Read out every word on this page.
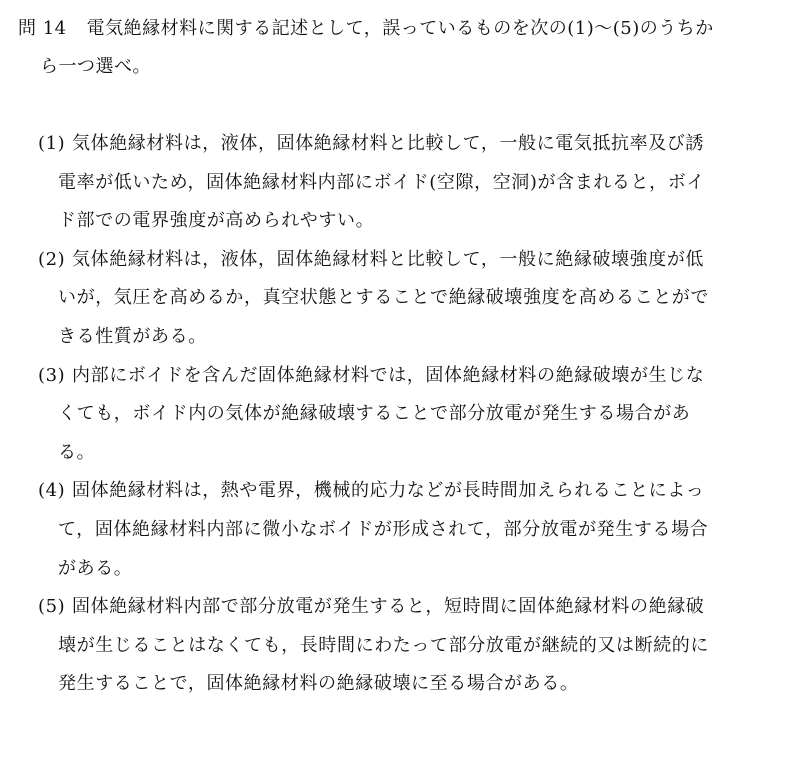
問 14 電気絶縁材料に関する記述として，誤っているものを次の(1)～(5)のうちか
ら一つ選べ。
(1) 気体絶縁材料は，液体，固体絶縁材料と比較して，一般に電気抵抗率及び誘
電率が低いため，固体絶縁材料内部にボイド(空隙，空洞)が含まれると，ボイ
ド部での電界強度が高められやすい。
(2) 気体絶縁材料は，液体，固体絶縁材料と比較して，一般に絶縁破壊強度が低
いが，気圧を高めるか，真空状態とすることで絶縁破壊強度を高めることがで
きる性質がある。
(3) 内部にボイドを含んだ固体絶縁材料では，固体絶縁材料の絶縁破壊が生じな
くても，ボイド内の気体が絶縁破壊することで部分放電が発生する場合があ
る。
(4) 固体絶縁材料は，熱や電界，機械的応力などが長時間加えられることによっ
て，固体絶縁材料内部に微小なボイドが形成されて，部分放電が発生する場合
がある。
(5) 固体絶縁材料内部で部分放電が発生すると，短時間に固体絶縁材料の絶縁破
壊が生じることはなくても，長時間にわたって部分放電が継続的又は断続的に
発生することで，固体絶縁材料の絶縁破壊に至る場合がある。
